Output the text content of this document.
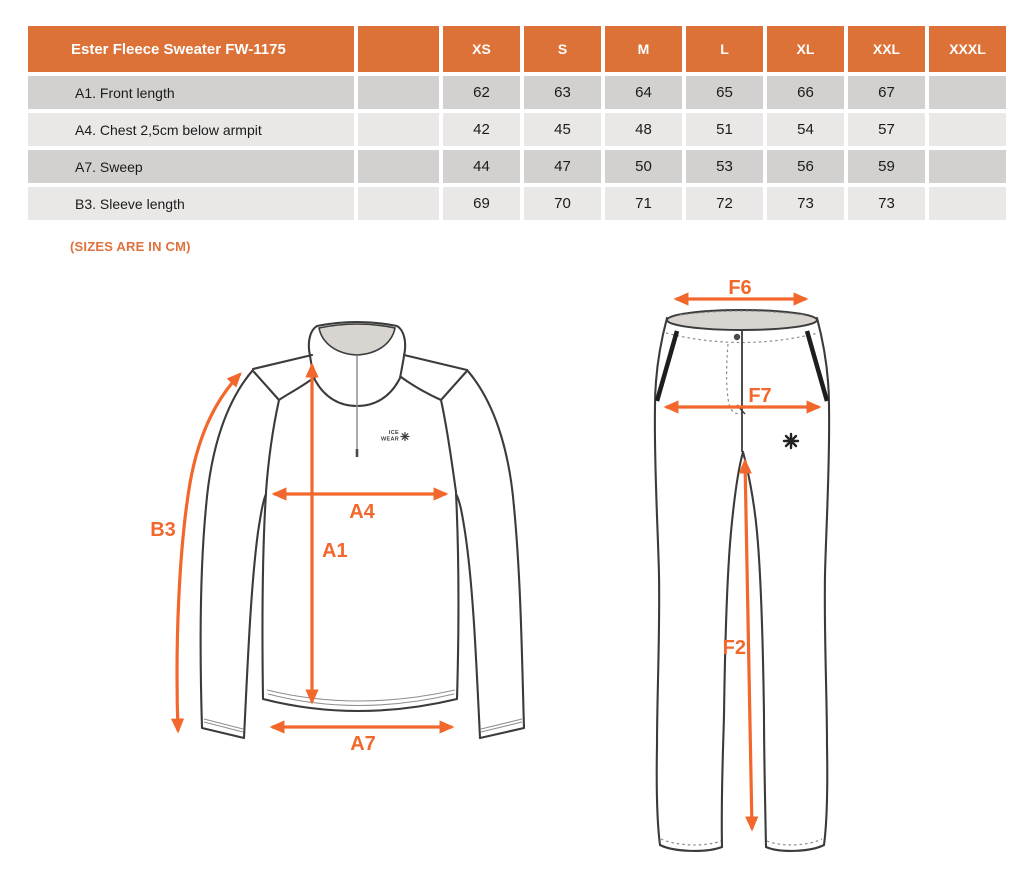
Ester Fleece Sweater FW-1175	XS	S	M	L	XL	XXL	XXXL
A1. Front length	62	63	64	65	66	67
A4. Chest 2,5cm below armpit	42	45	48	51	54	57
A7. Sweep	44	47	50	53	56	59
B3. Sleeve length	69	70	71	72	73	73
(SIZES ARE IN CM)
ICE
WEAR
B3
A4
A1
A7
F6
F7
F2
